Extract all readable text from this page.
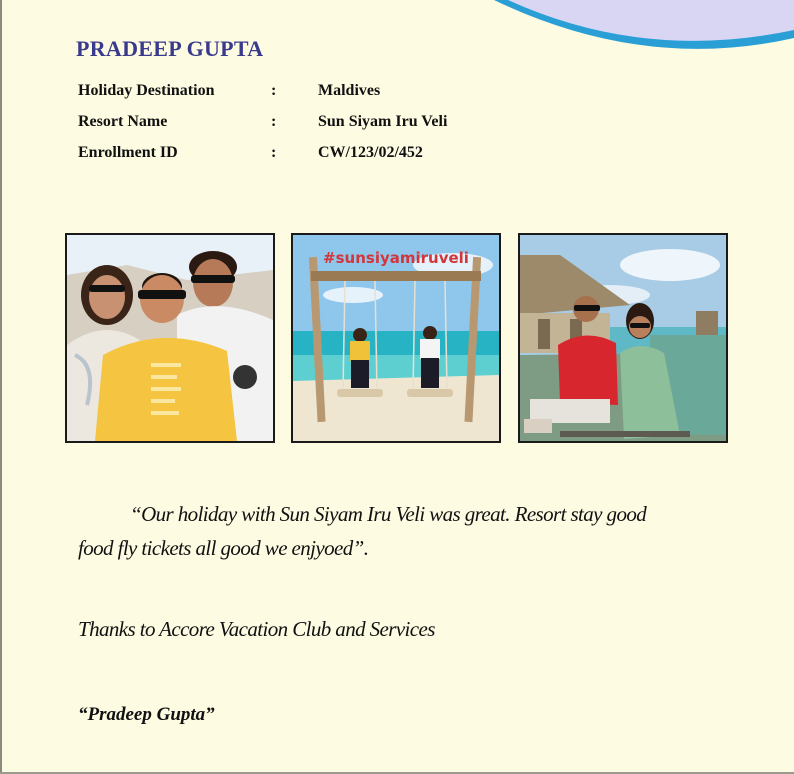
PRADEEP GUPTA
Holiday Destination	:	Maldives
Resort Name	:	Sun Siyam Iru Veli
Enrollment ID	:	CW/123/02/452
#sunsiyamiruveli
“Our holiday with Sun Siyam Iru Veli was great. Resort stay good
food fly tickets all good we enjyoed”.
Thanks to Accore Vacation Club and Services
“Pradeep Gupta”
